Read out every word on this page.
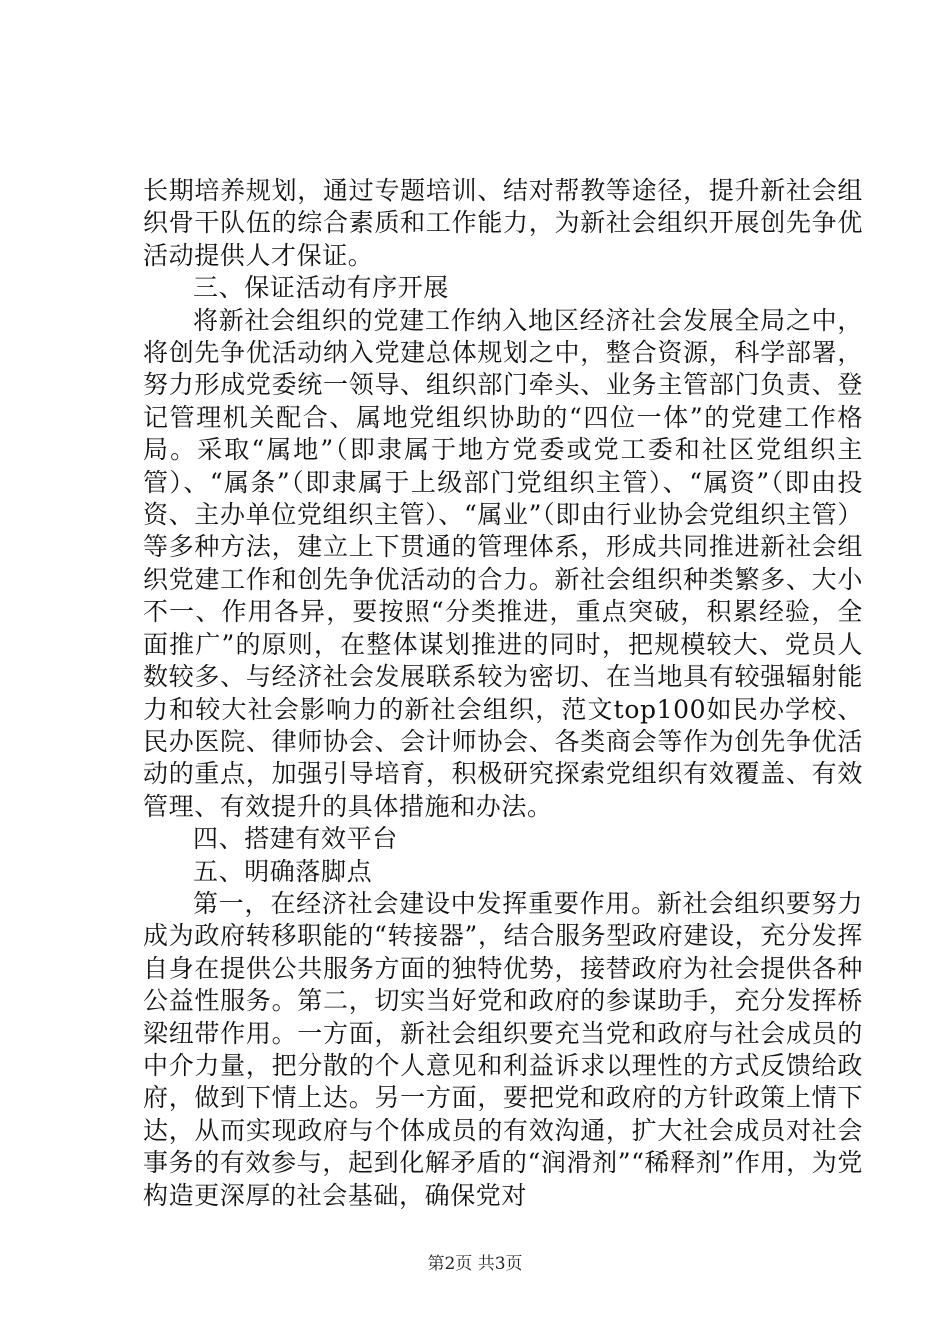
长期培养规划，通过专题培训、结对帮教等途径，提升新社会组织骨干队伍的综合素质和工作能力，为新社会组织开展创先争优活动提供人才保证。

三、保证活动有序开展

将新社会组织的党建工作纳入地区经济社会发展全局之中，将创先争优活动纳入党建总体规划之中，整合资源，科学部署，努力形成党委统一领导、组织部门牵头、业务主管部门负责、登记管理机关配合、属地党组织协助的“四位一体”的党建工作格局。采取“属地”（即隶属于地方党委或党工委和社区党组织主管）、“属条”（即隶属于上级部门党组织主管）、“属资”（即由投资、主办单位党组织主管）、“属业”（即由行业协会党组织主管）等多种方法，建立上下贯通的管理体系，形成共同推进新社会组织党建工作和创先争优活动的合力。新社会组织种类繁多、大小不一、作用各异，要按照“分类推进，重点突破，积累经验，全面推广”的原则，在整体谋划推进的同时，把规模较大、党员人数较多、与经济社会发展联系较为密切、在当地具有较强辐射能力和较大社会影响力的新社会组织，范文top100如民办学校、民办医院、律师协会、会计师协会、各类商会等作为创先争优活动的重点，加强引导培育，积极研究探索党组织有效覆盖、有效管理、有效提升的具体措施和办法。

四、搭建有效平台

五、明确落脚点

第一，在经济社会建设中发挥重要作用。新社会组织要努力成为政府转移职能的“转接器”，结合服务型政府建设，充分发挥自身在提供公共服务方面的独特优势，接替政府为社会提供各种公益性服务。第二，切实当好党和政府的参谋助手，充分发挥桥梁纽带作用。一方面，新社会组织要充当党和政府与社会成员的中介力量，把分散的个人意见和利益诉求以理性的方式反馈给政府，做到下情上达。另一方面，要把党和政府的方针政策上情下达，从而实现政府与个体成员的有效沟通，扩大社会成员对社会事务的有效参与，起到化解矛盾的“润滑剂”“稀释剂”作用，为党构造更深厚的社会基础，确保党对

第2页 共3页
